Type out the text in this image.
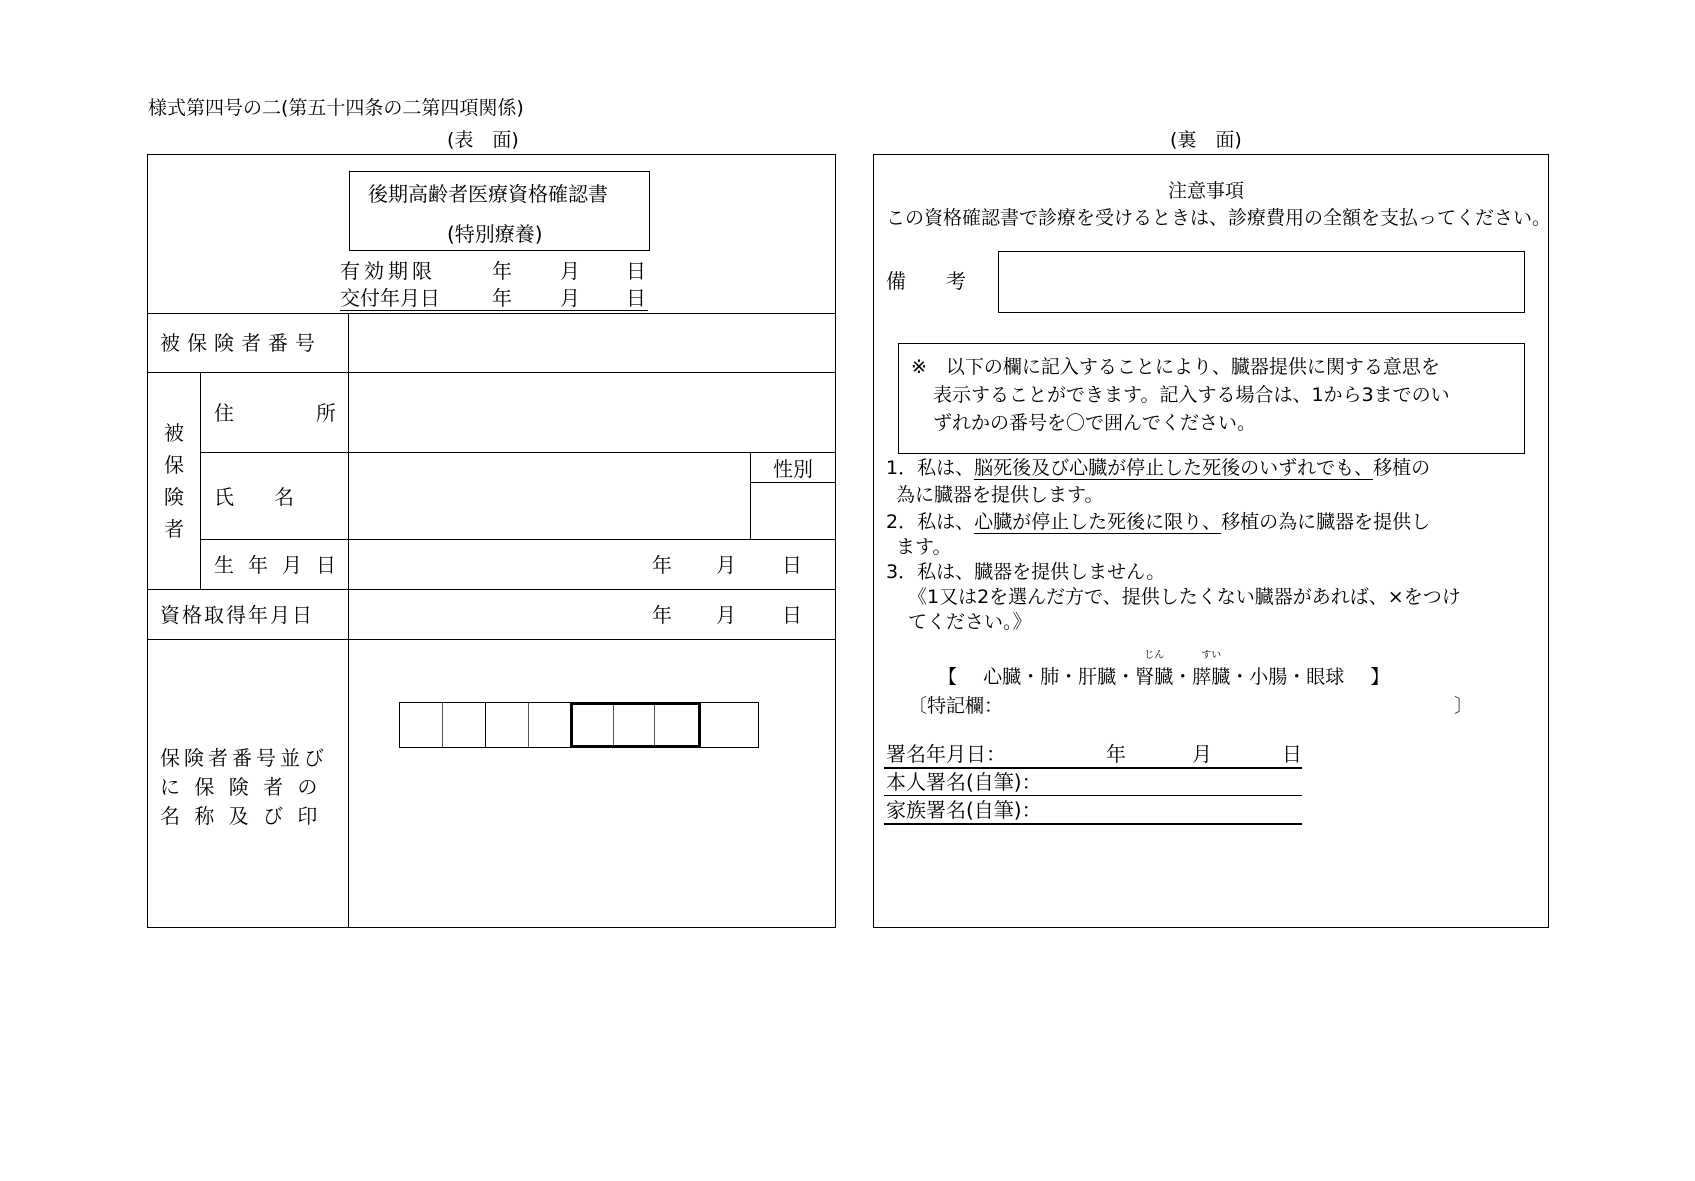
様式第四号の二(第五十四条の二第四項関係)
(表　面)	(裏　面)
後期高齢者医療資格確認書
(特別療養)
有効期限	年 月 日
交付年月日	年 月 日
被保険者番号
被
保
険
者
住　　所
氏　　名
性別
生年月日	年 月 日
資格取得年月日	年 月 日
保険者番号並び
に 保 険 者 の
名 称 及 び 印
注意事項
この資格確認書で診療を受けるときは、診療費用の全額を支払ってください。
備　　考
※　以下の欄に記入することにより、臓器提供に関する意思を
表示することができます。記入する場合は、1から3までのい
ずれかの番号を〇で囲んでください。
1．私は、脳死後及び心臓が停止した死後のいずれでも、移植の
為に臓器を提供します。
2．私は、心臓が停止した死後に限り、移植の為に臓器を提供し
ます。
3．私は、臓器を提供しません。
《1又は2を選んだ方で、提供したくない臓器があれば、×をつけ
てください。》
【 心臓・肺・肝臓・
じん
腎臓・
すい
膵臓・小腸・眼球 】
〔特記欄：	〕
署名年月日：	年	月	日
本人署名(自筆)：
家族署名(自筆)：
